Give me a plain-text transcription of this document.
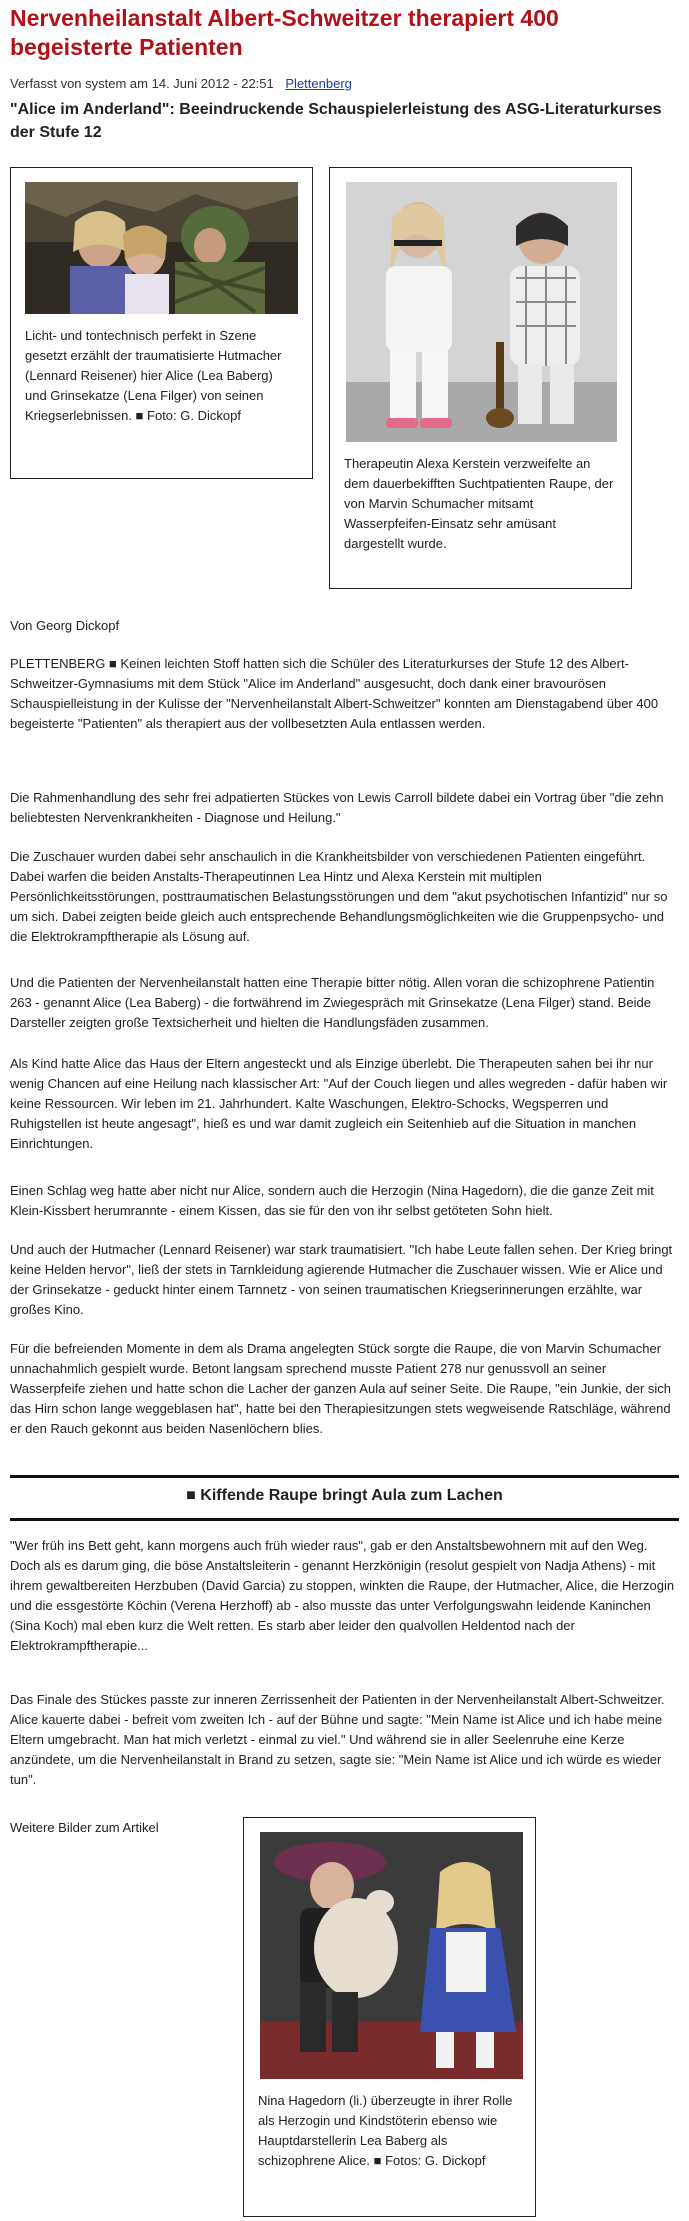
Nervenheilanstalt Albert-Schweitzer therapiert 400 begeisterte Patienten
Verfasst von system am 14. Juni 2012 - 22:51 Plettenberg
"Alice im Anderland": Beeindruckende Schauspielerleistung des ASG-Literaturkurses der Stufe 12
Licht- und tontechnisch perfekt in Szene gesetzt erzählt der traumatisierte Hutmacher (Lennard Reisener) hier Alice (Lea Baberg) und Grinsekatze (Lena Filger) von seinen Kriegserlebnissen. ■ Foto: G. Dickopf
Therapeutin Alexa Kerstein verzweifelte an dem dauerbekifften Suchtpatienten Raupe, der von Marvin Schumacher mitsamt Wasserpfeifen-Einsatz sehr amüsant dargestellt wurde.

Von Georg Dickopf

PLETTENBERG ■ Keinen leichten Stoff hatten sich die Schüler des Literaturkurses der Stufe 12 des Albert-Schweitzer-Gymnasiums mit dem Stück "Alice im Anderland" ausgesucht, doch dank einer bravourösen Schauspielleistung in der Kulisse der "Nervenheilanstalt Albert-Schweitzer" konnten am Dienstagabend über 400 begeisterte "Patienten" als therapiert aus der vollbesetzten Aula entlassen werden.

Die Rahmenhandlung des sehr frei adpatierten Stückes von Lewis Carroll bildete dabei ein Vortrag über "die zehn beliebtesten Nervenkrankheiten - Diagnose und Heilung."

Die Zuschauer wurden dabei sehr anschaulich in die Krankheitsbilder von verschiedenen Patienten eingeführt. Dabei warfen die beiden Anstalts-Therapeutinnen Lea Hintz und Alexa Kerstein mit multiplen Persönlichkeitsstörungen, posttraumatischen Belastungsstörungen und dem "akut psychotischen Infantizid" nur so um sich. Dabei zeigten beide gleich auch entsprechende Behandlungsmöglichkeiten wie die Gruppenpsycho- und die Elektrokrampftherapie als Lösung auf.

Und die Patienten der Nervenheilanstalt hatten eine Therapie bitter nötig. Allen voran die schizophrene Patientin 263 - genannt Alice (Lea Baberg) - die fortwährend im Zwiegespräch mit Grinsekatze (Lena Filger) stand. Beide Darsteller zeigten große Textsicherheit und hielten die Handlungsfäden zusammen.

Als Kind hatte Alice das Haus der Eltern angesteckt und als Einzige überlebt. Die Therapeuten sahen bei ihr nur wenig Chancen auf eine Heilung nach klassischer Art: "Auf der Couch liegen und alles wegreden - dafür haben wir keine Ressourcen. Wir leben im 21. Jahrhundert. Kalte Waschungen, Elektro-Schocks, Wegsperren und Ruhigstellen ist heute angesagt", hieß es und war damit zugleich ein Seitenhieb auf die Situation in manchen Einrichtungen.

Einen Schlag weg hatte aber nicht nur Alice, sondern auch die Herzogin (Nina Hagedorn), die die ganze Zeit mit Klein-Kissbert herumrannte - einem Kissen, das sie für den von ihr selbst getöteten Sohn hielt.

Und auch der Hutmacher (Lennard Reisener) war stark traumatisiert. "Ich habe Leute fallen sehen. Der Krieg bringt keine Helden hervor", ließ der stets in Tarnkleidung agierende Hutmacher die Zuschauer wissen. Wie er Alice und der Grinsekatze - geduckt hinter einem Tarnnetz - von seinen traumatischen Kriegserinnerungen erzählte, war großes Kino.

Für die befreienden Momente in dem als Drama angelegten Stück sorgte die Raupe, die von Marvin Schumacher unnachahmlich gespielt wurde. Betont langsam sprechend musste Patient 278 nur genussvoll an seiner Wasserpfeife ziehen und hatte schon die Lacher der ganzen Aula auf seiner Seite. Die Raupe, "ein Junkie, der sich das Hirn schon lange weggeblasen hat", hatte bei den Therapiesitzungen stets wegweisende Ratschläge, während er den Rauch gekonnt aus beiden Nasenlöchern blies.

■ Kiffende Raupe bringt Aula zum Lachen

"Wer früh ins Bett geht, kann morgens auch früh wieder raus", gab er den Anstaltsbewohnern mit auf den Weg. Doch als es darum ging, die böse Anstaltsleiterin - genannt Herzkönigin (resolut gespielt von Nadja Athens) - mit ihrem gewaltbereiten Herzbuben (David Garcia) zu stoppen, winkten die Raupe, der Hutmacher, Alice, die Herzogin und die essgestörte Köchin (Verena Herzhoff) ab - also musste das unter Verfolgungswahn leidende Kaninchen (Sina Koch) mal eben kurz die Welt retten. Es starb aber leider den qualvollen Heldentod nach der Elektrokrampftherapie...

Das Finale des Stückes passte zur inneren Zerrissenheit der Patienten in der Nervenheilanstalt Albert-Schweitzer. Alice kauerte dabei - befreit vom zweiten Ich - auf der Bühne und sagte: "Mein Name ist Alice und ich habe meine Eltern umgebracht. Man hat mich verletzt - einmal zu viel." Und während sie in aller Seelenruhe eine Kerze anzündete, um die Nervenheilanstalt in Brand zu setzen, sagte sie: "Mein Name ist Alice und ich würde es wieder tun".

Weitere Bilder zum Artikel

Nina Hagedorn (li.) überzeugte in ihrer Rolle als Herzogin und Kindstöterin ebenso wie Hauptdarstellerin Lea Baberg als schizophrene Alice. ■ Fotos: G. Dickopf
